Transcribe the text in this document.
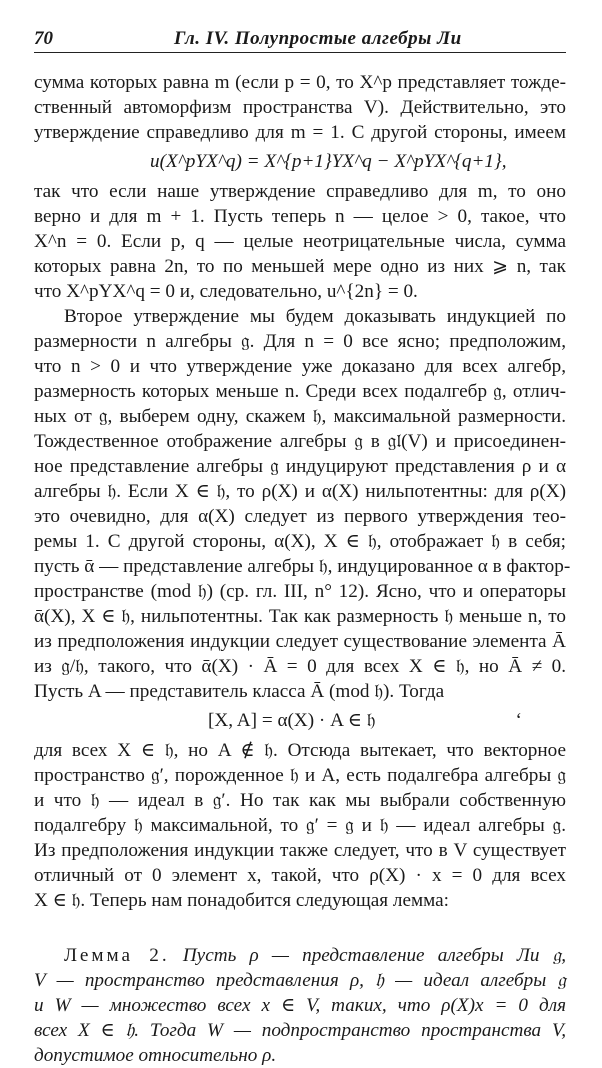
70	Гл. IV. Полупростые алгебры Ли
сумма которых равна m (если p = 0, то X^p представляет тожде-
ственный автоморфизм пространства V). Действительно, это
утверждение справедливо для m = 1. С другой стороны, имеем
u(X^pYX^q) = X^{p+1}YX^q − X^pYX^{q+1},
так что если наше утверждение справедливо для m, то оно
верно и для m + 1. Пусть теперь n — целое > 0, такое, что
X^n = 0. Если p, q — целые неотрицательные числа, сумма
которых равна 2n, то по меньшей мере одно из них ⩾ n, так
что X^pYX^q = 0 и, следовательно, u^{2n} = 0.
Второе утверждение мы будем доказывать индукцией по
размерности n алгебры 𝔤. Для n = 0 все ясно; предположим,
что n > 0 и что утверждение уже доказано для всех алгебр,
размерность которых меньше n. Среди всех подалгебр 𝔤, отлич-
ных от 𝔤, выберем одну, скажем 𝔥, максимальной размерности.
Тождественное отображение алгебры 𝔤 в 𝔤𝔩(V) и присоединен-
ное представление алгебры 𝔤 индуцируют представления ρ и α
алгебры 𝔥. Если X ∈ 𝔥, то ρ(X) и α(X) нильпотентны: для ρ(X)
это очевидно, для α(X) следует из первого утверждения тео-
ремы 1. С другой стороны, α(X), X ∈ 𝔥, отображает 𝔥 в себя;
пусть ᾱ — представление алгебры 𝔥, индуцированное α в фактор-
пространстве (mod 𝔥) (ср. гл. III, n° 12). Ясно, что и операторы
ᾱ(X), X ∈ 𝔥, нильпотентны. Так как размерность 𝔥 меньше n, то
из предположения индукции следует существование элемента Ā
из 𝔤/𝔥, такого, что ᾱ(X) · Ā = 0 для всех X ∈ 𝔥, но Ā ≠ 0.
Пусть A — представитель класса Ā (mod 𝔥). Тогда
[X, A] = α(X) · A ∈ 𝔥	ʻ
для всех X ∈ 𝔥, но A ∉ 𝔥. Отсюда вытекает, что векторное
пространство 𝔤′, порожденное 𝔥 и A, есть подалгебра алгебры 𝔤
и что 𝔥 — идеал в 𝔤′. Но так как мы выбрали собственную
подалгебру 𝔥 максимальной, то 𝔤′ = 𝔤 и 𝔥 — идеал алгебры 𝔤.
Из предположения индукции также следует, что в V существует
отличный от 0 элемент x, такой, что ρ(X) · x = 0 для всех
X ∈ 𝔥. Теперь нам понадобится следующая лемма:
Лемма 2. Пусть ρ — представление алгебры Ли 𝔤,
V — пространство представления ρ, 𝔥 — идеал алгебры 𝔤
и W — множество всех x ∈ V, таких, что ρ(X)x = 0 для
всех X ∈ 𝔥. Тогда W — подпространство пространства V,
допустимое относительно ρ.
